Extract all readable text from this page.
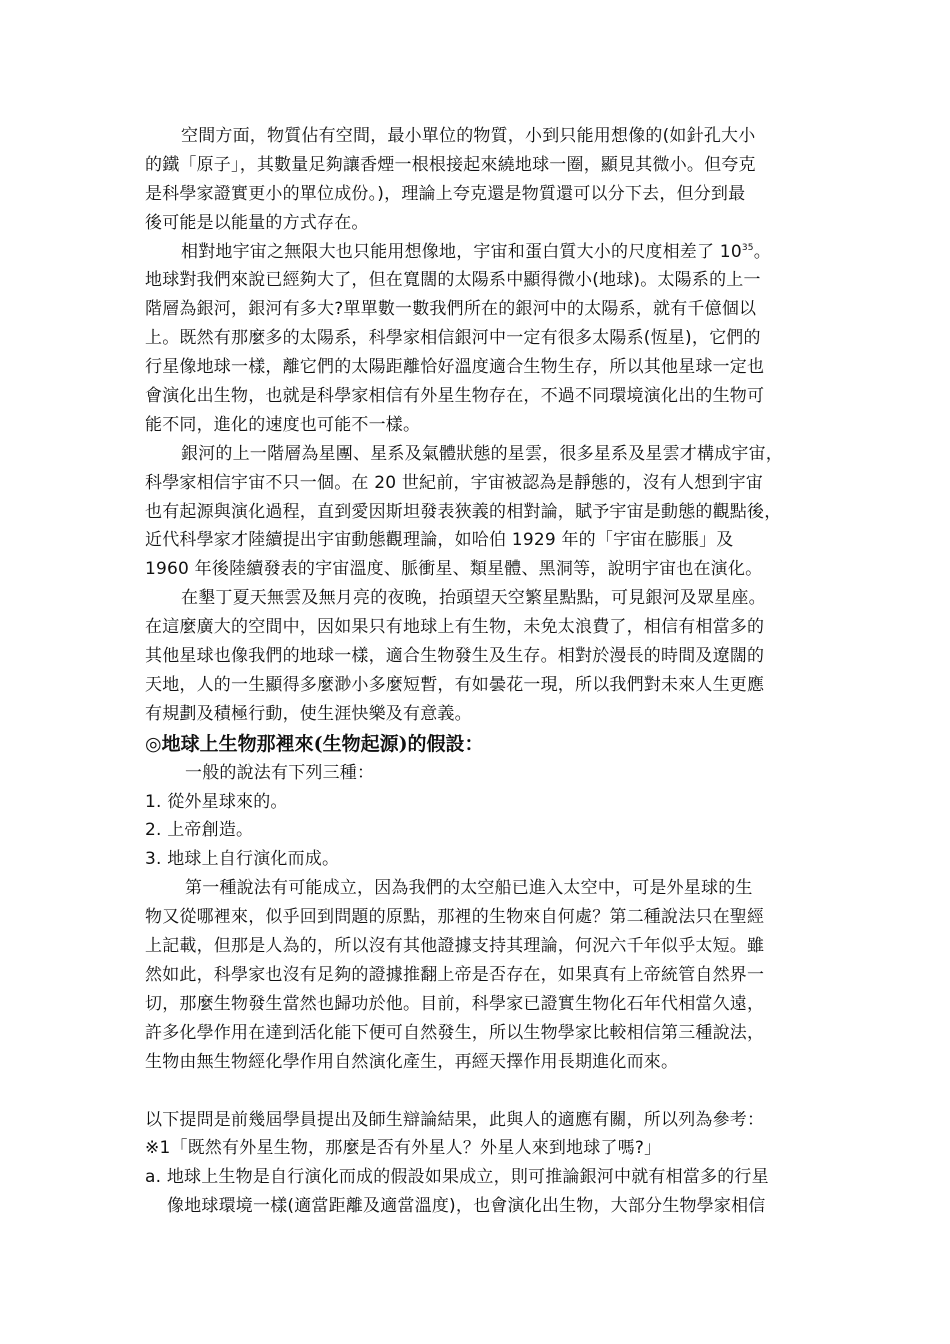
空間方面，物質佔有空間，最小單位的物質，小到只能用想像的(如針孔大小
的鐵「原子」，其數量足夠讓香煙一根根接起來繞地球一圈，顯見其微小。但夸克
是科學家證實更小的單位成份。)，理論上夸克還是物質還可以分下去，但分到最
後可能是以能量的方式存在。
相對地宇宙之無限大也只能用想像地，宇宙和蛋白質大小的尺度相差了 $10^{35}$。
地球對我們來說已經夠大了，但在寬闊的太陽系中顯得微小(地球)。太陽系的上一
階層為銀河，銀河有多大?單單數一數我們所在的銀河中的太陽系，就有千億個以
上。既然有那麼多的太陽系，科學家相信銀河中一定有很多太陽系(恆星)，它們的
行星像地球一樣，離它們的太陽距離恰好溫度適合生物生存，所以其他星球一定也
會演化出生物，也就是科學家相信有外星生物存在，不過不同環境演化出的生物可
能不同，進化的速度也可能不一樣。
銀河的上一階層為星團、星系及氣體狀態的星雲，很多星系及星雲才構成宇宙，
科學家相信宇宙不只一個。在 20 世紀前，宇宙被認為是靜態的，沒有人想到宇宙
也有起源與演化過程，直到愛因斯坦發表狹義的相對論，賦予宇宙是動態的觀點後，
近代科學家才陸續提出宇宙動態觀理論，如哈伯 1929 年的「宇宙在膨脹」及
1960 年後陸續發表的宇宙溫度、脈衝星、類星體、黑洞等，說明宇宙也在演化。
在墾丁夏天無雲及無月亮的夜晚，抬頭望天空繁星點點，可見銀河及眾星座。
在這麼廣大的空間中，因如果只有地球上有生物，未免太浪費了，相信有相當多的
其他星球也像我們的地球一樣，適合生物發生及生存。相對於漫長的時間及遼闊的
天地，人的一生顯得多麼渺小多麼短暫，有如曇花一現，所以我們對未來人生更應
有規劃及積極行動，使生涯快樂及有意義。
◎地球上生物那裡來(生物起源)的假設：
一般的說法有下列三種：
1. 從外星球來的。
2. 上帝創造。
3. 地球上自行演化而成。
第一種說法有可能成立，因為我們的太空船已進入太空中，可是外星球的生
物又從哪裡來，似乎回到問題的原點，那裡的生物來自何處？第二種說法只在聖經
上記載，但那是人為的，所以沒有其他證據支持其理論，何況六千年似乎太短。雖
然如此，科學家也沒有足夠的證據推翻上帝是否存在，如果真有上帝統管自然界一
切，那麼生物發生當然也歸功於他。目前，科學家已證實生物化石年代相當久遠，
許多化學作用在達到活化能下便可自然發生，所以生物學家比較相信第三種說法，
生物由無生物經化學作用自然演化產生，再經天擇作用長期進化而來。
以下提問是前幾屆學員提出及師生辯論結果，此與人的適應有關，所以列為參考：
※1「既然有外星生物，那麼是否有外星人？外星人來到地球了嗎?」
a. 地球上生物是自行演化而成的假設如果成立，則可推論銀河中就有相當多的行星
像地球環境一樣(適當距離及適當溫度)，也會演化出生物，大部分生物學家相信
